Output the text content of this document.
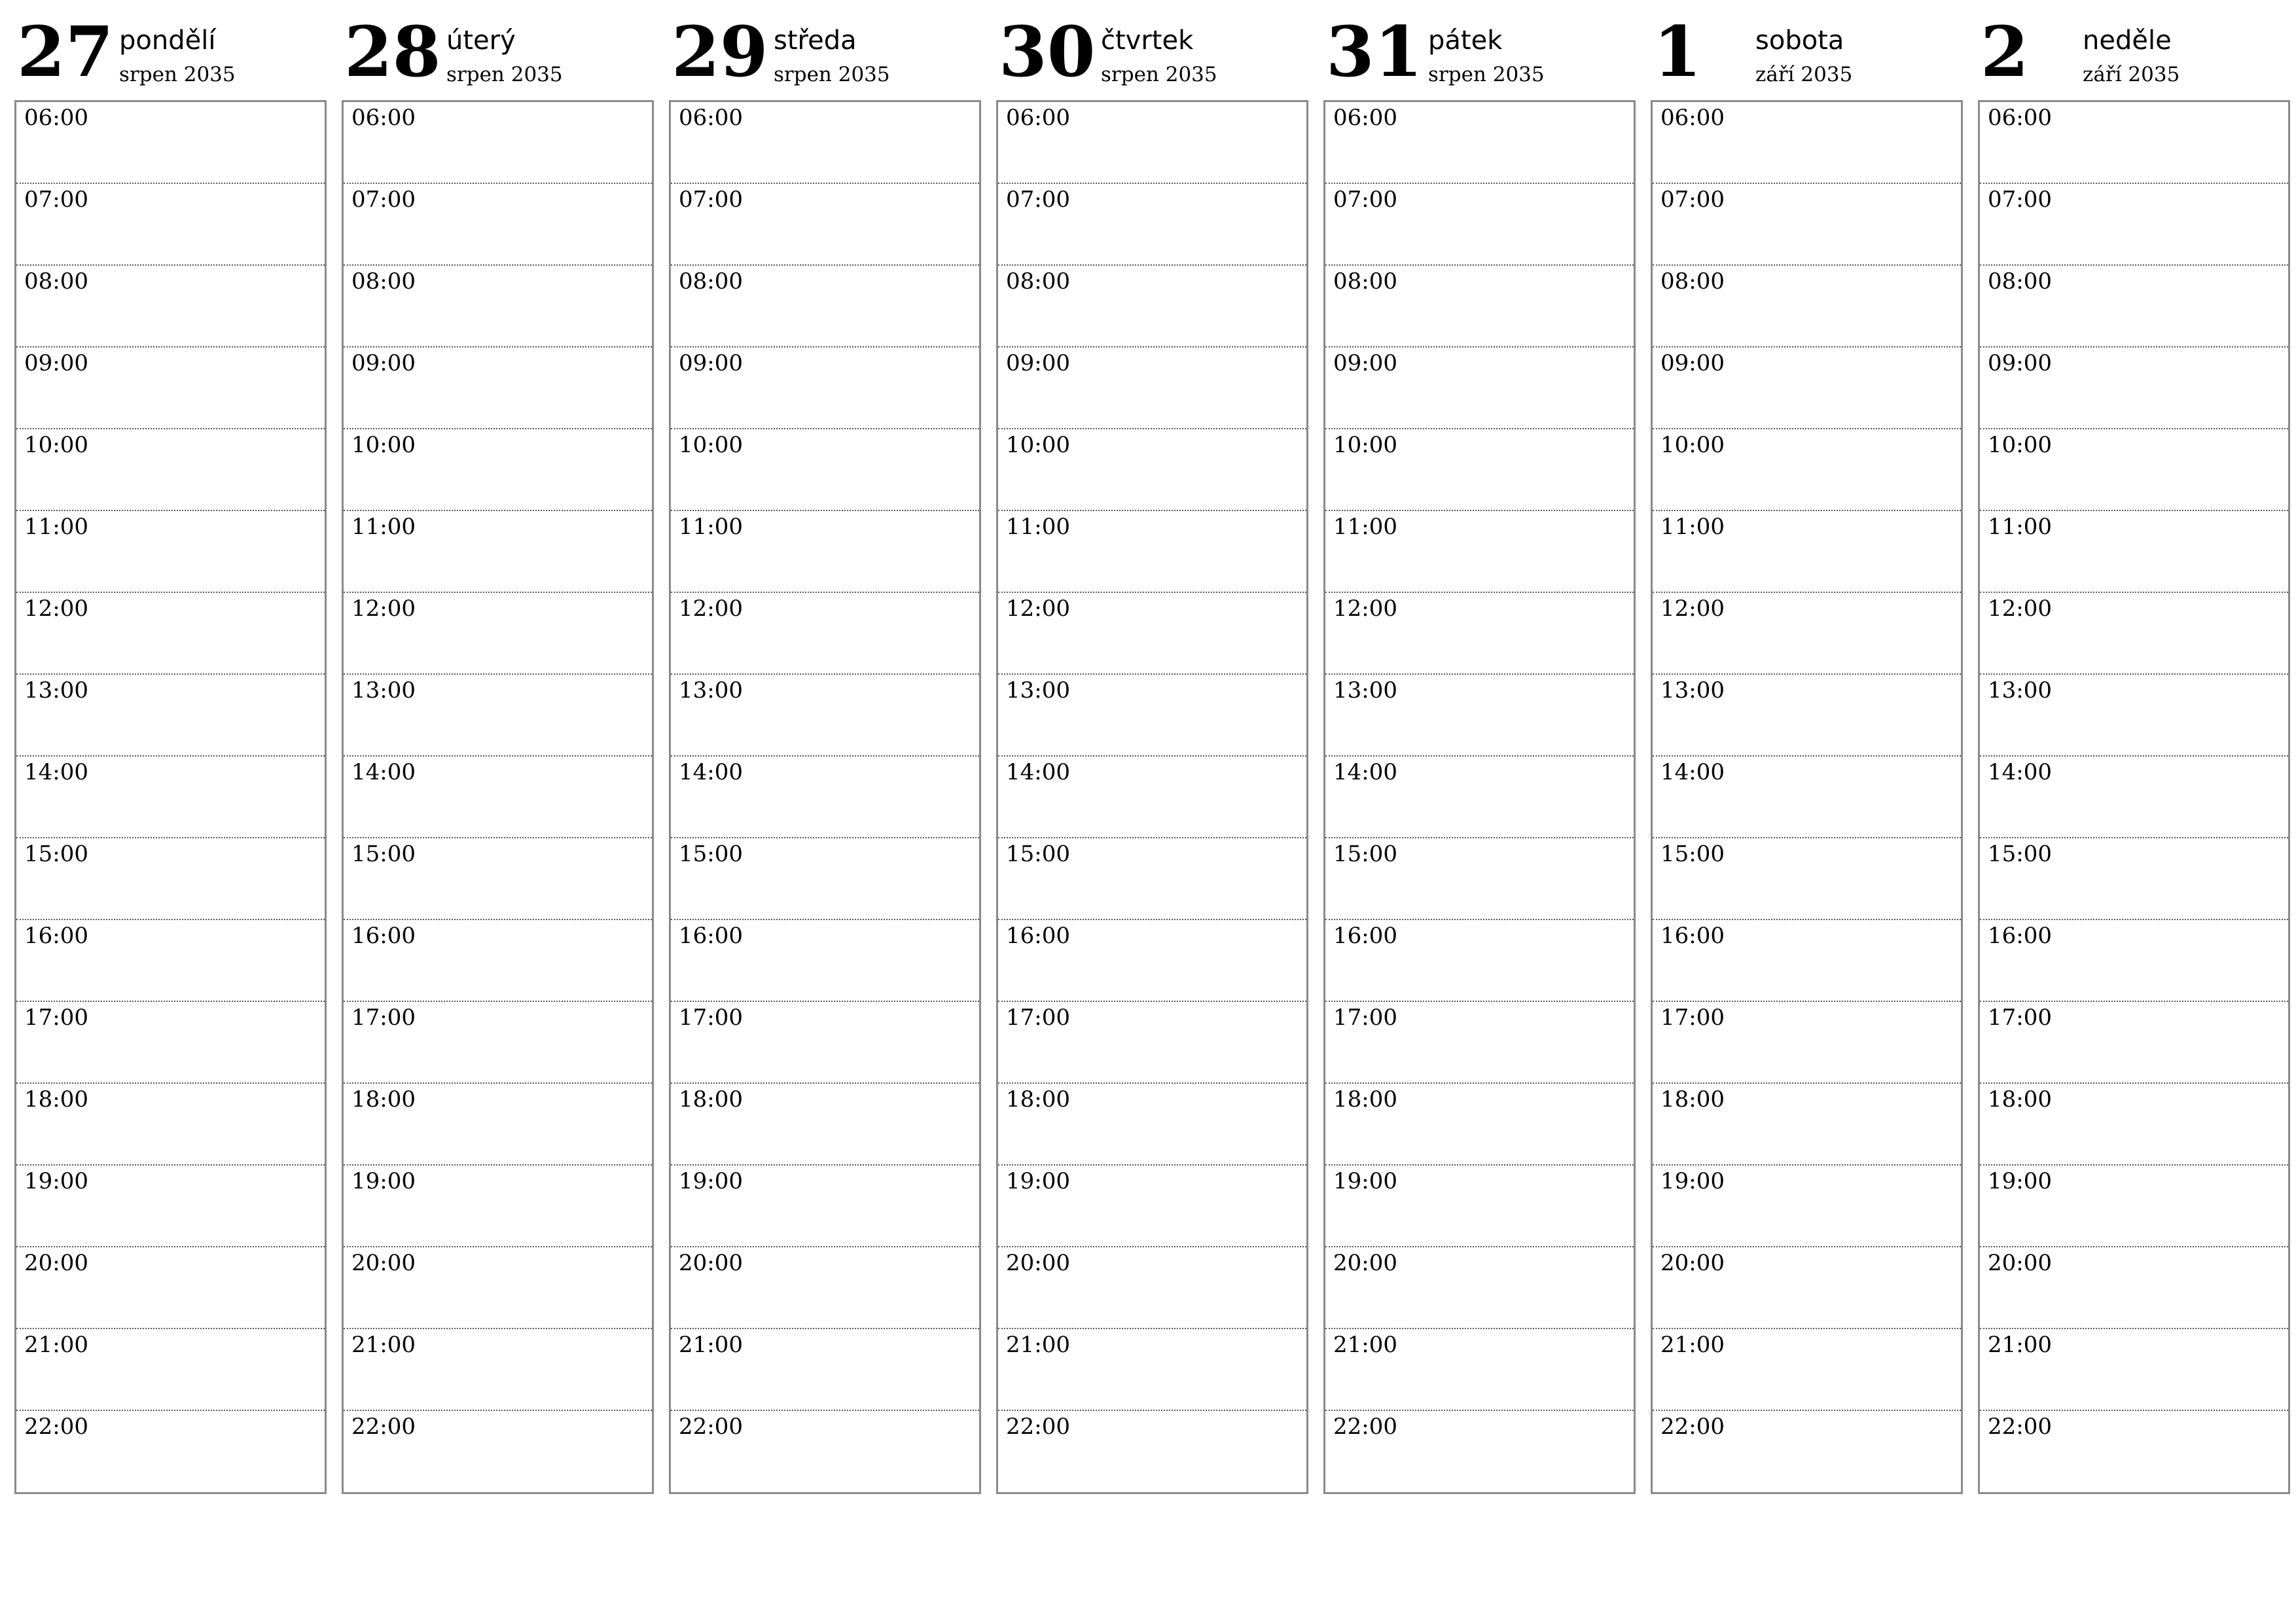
27 pondělí
srpen 2035
06:00
07:00
08:00
09:00
10:00
11:00
12:00
13:00
14:00
15:00
16:00
17:00
18:00
19:00
20:00
21:00
22:00
28 úterý
srpen 2035
06:00
07:00
08:00
09:00
10:00
11:00
12:00
13:00
14:00
15:00
16:00
17:00
18:00
19:00
20:00
21:00
22:00
29 středa
srpen 2035
06:00
07:00
08:00
09:00
10:00
11:00
12:00
13:00
14:00
15:00
16:00
17:00
18:00
19:00
20:00
21:00
22:00
30 čtvrtek
srpen 2035
06:00
07:00
08:00
09:00
10:00
11:00
12:00
13:00
14:00
15:00
16:00
17:00
18:00
19:00
20:00
21:00
22:00
31 pátek
srpen 2035
06:00
07:00
08:00
09:00
10:00
11:00
12:00
13:00
14:00
15:00
16:00
17:00
18:00
19:00
20:00
21:00
22:00
1 sobota
září 2035
06:00
07:00
08:00
09:00
10:00
11:00
12:00
13:00
14:00
15:00
16:00
17:00
18:00
19:00
20:00
21:00
22:00
2 neděle
září 2035
06:00
07:00
08:00
09:00
10:00
11:00
12:00
13:00
14:00
15:00
16:00
17:00
18:00
19:00
20:00
21:00
22:00
